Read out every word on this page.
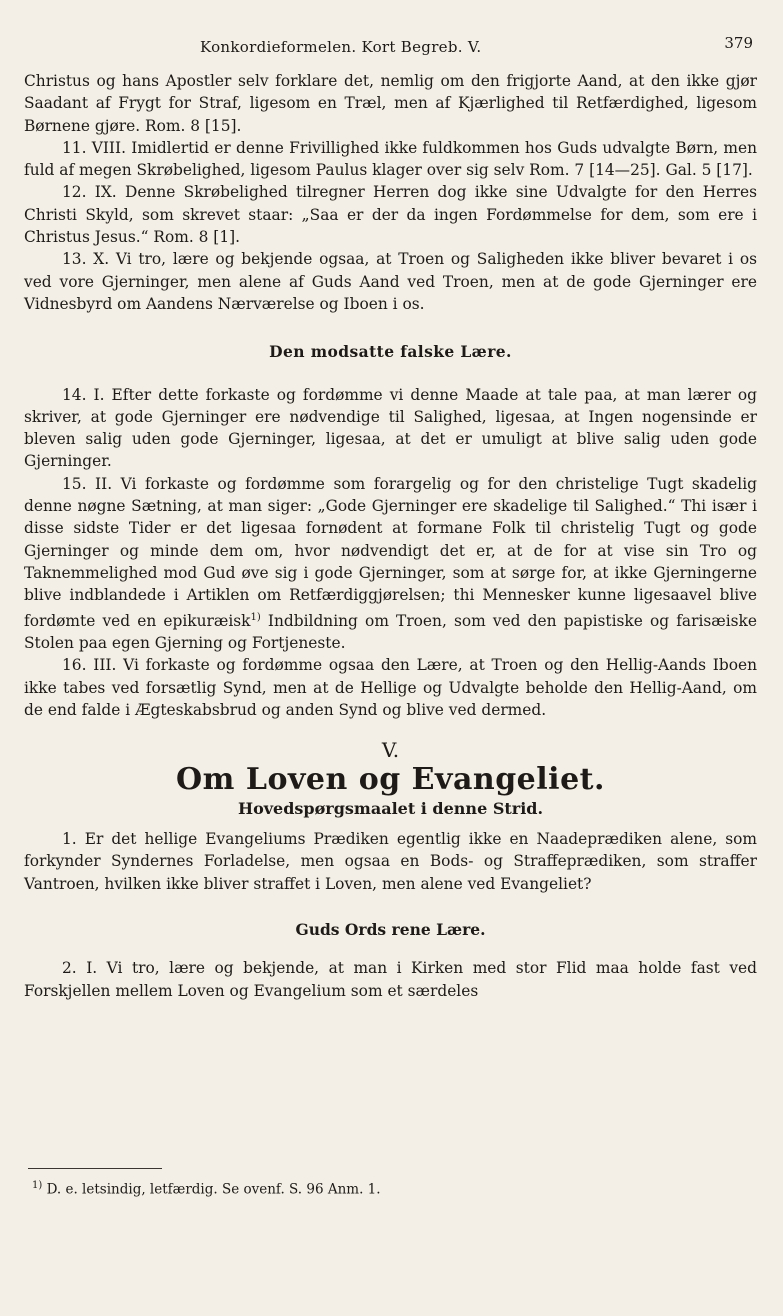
Konkordieformelen. Kort Begreb. V.	379

Christus og hans Apostler selv forklare det, nemlig om den frigjorte Aand, at den ikke gjør Saadant af Frygt for Straf, ligesom en Træl, men af Kjærlighed til Retfærdighed, ligesom Børnene gjøre. Rom. 8 [15].

11. VIII. Imidlertid er denne Frivillighed ikke fuldkommen hos Guds udvalgte Børn, men fuld af megen Skrøbelighed, ligesom Paulus klager over sig selv Rom. 7 [14—25]. Gal. 5 [17].

12. IX. Denne Skrøbelighed tilregner Herren dog ikke sine Udvalgte for den Herres Christi Skyld, som skrevet staar: „Saa er der da ingen Fordømmelse for dem, som ere i Christus Jesus.“ Rom. 8 [1].

13. X. Vi tro, lære og bekjende ogsaa, at Troen og Saligheden ikke bliver bevaret i os ved vore Gjerninger, men alene af Guds Aand ved Troen, men at de gode Gjerninger ere Vidnesbyrd om Aandens Nærværelse og Iboen i os.

Den modsatte falske Lære.

14. I. Efter dette forkaste og fordømme vi denne Maade at tale paa, at man lærer og skriver, at gode Gjerninger ere nødvendige til Salighed, ligesaa, at Ingen nogensinde er bleven salig uden gode Gjerninger, ligesaa, at det er umuligt at blive salig uden gode Gjerninger.

15. II. Vi forkaste og fordømme som forargelig og for den christelige Tugt skadelig denne nøgne Sætning, at man siger: „Gode Gjerninger ere skadelige til Salighed.“ Thi især i disse sidste Tider er det ligesaa fornødent at formane Folk til christelig Tugt og gode Gjerninger og minde dem om, hvor nødvendigt det er, at de for at vise sin Tro og Taknemmelighed mod Gud øve sig i gode Gjerninger, som at sørge for, at ikke Gjerningerne blive indblandede i Artiklen om Retfærdiggjørelsen; thi Mennesker kunne ligesaavel blive fordømte ved en epikuræisk$^{1)}$ Indbildning om Troen, som ved den papistiske og farisæiske Stolen paa egen Gjerning og Fortjeneste.

16. III. Vi forkaste og fordømme ogsaa den Lære, at Troen og den Hellig-Aands Iboen ikke tabes ved forsætlig Synd, men at de Hellige og Udvalgte beholde den Hellig-Aand, om de end falde i Ægteskabsbrud og anden Synd og blive ved dermed.

V.
Om Loven og Evangeliet.
Hovedspørgsmaalet i denne Strid.

1. Er det hellige Evangeliums Prædiken egentlig ikke en Naadeprædiken alene, som forkynder Syndernes Forladelse, men ogsaa en Bods- og Straffeprædiken, som straffer Vantroen, hvilken ikke bliver straffet i Loven, men alene ved Evangeliet?

Guds Ords rene Lære.

2. I. Vi tro, lære og bekjende, at man i Kirken med stor Flid maa holde fast ved Forskjellen mellem Loven og Evangelium som et særdeles

$^{1)}$ D. e. letsindig, letfærdig. Se ovenf. S. 96 Anm. 1.
